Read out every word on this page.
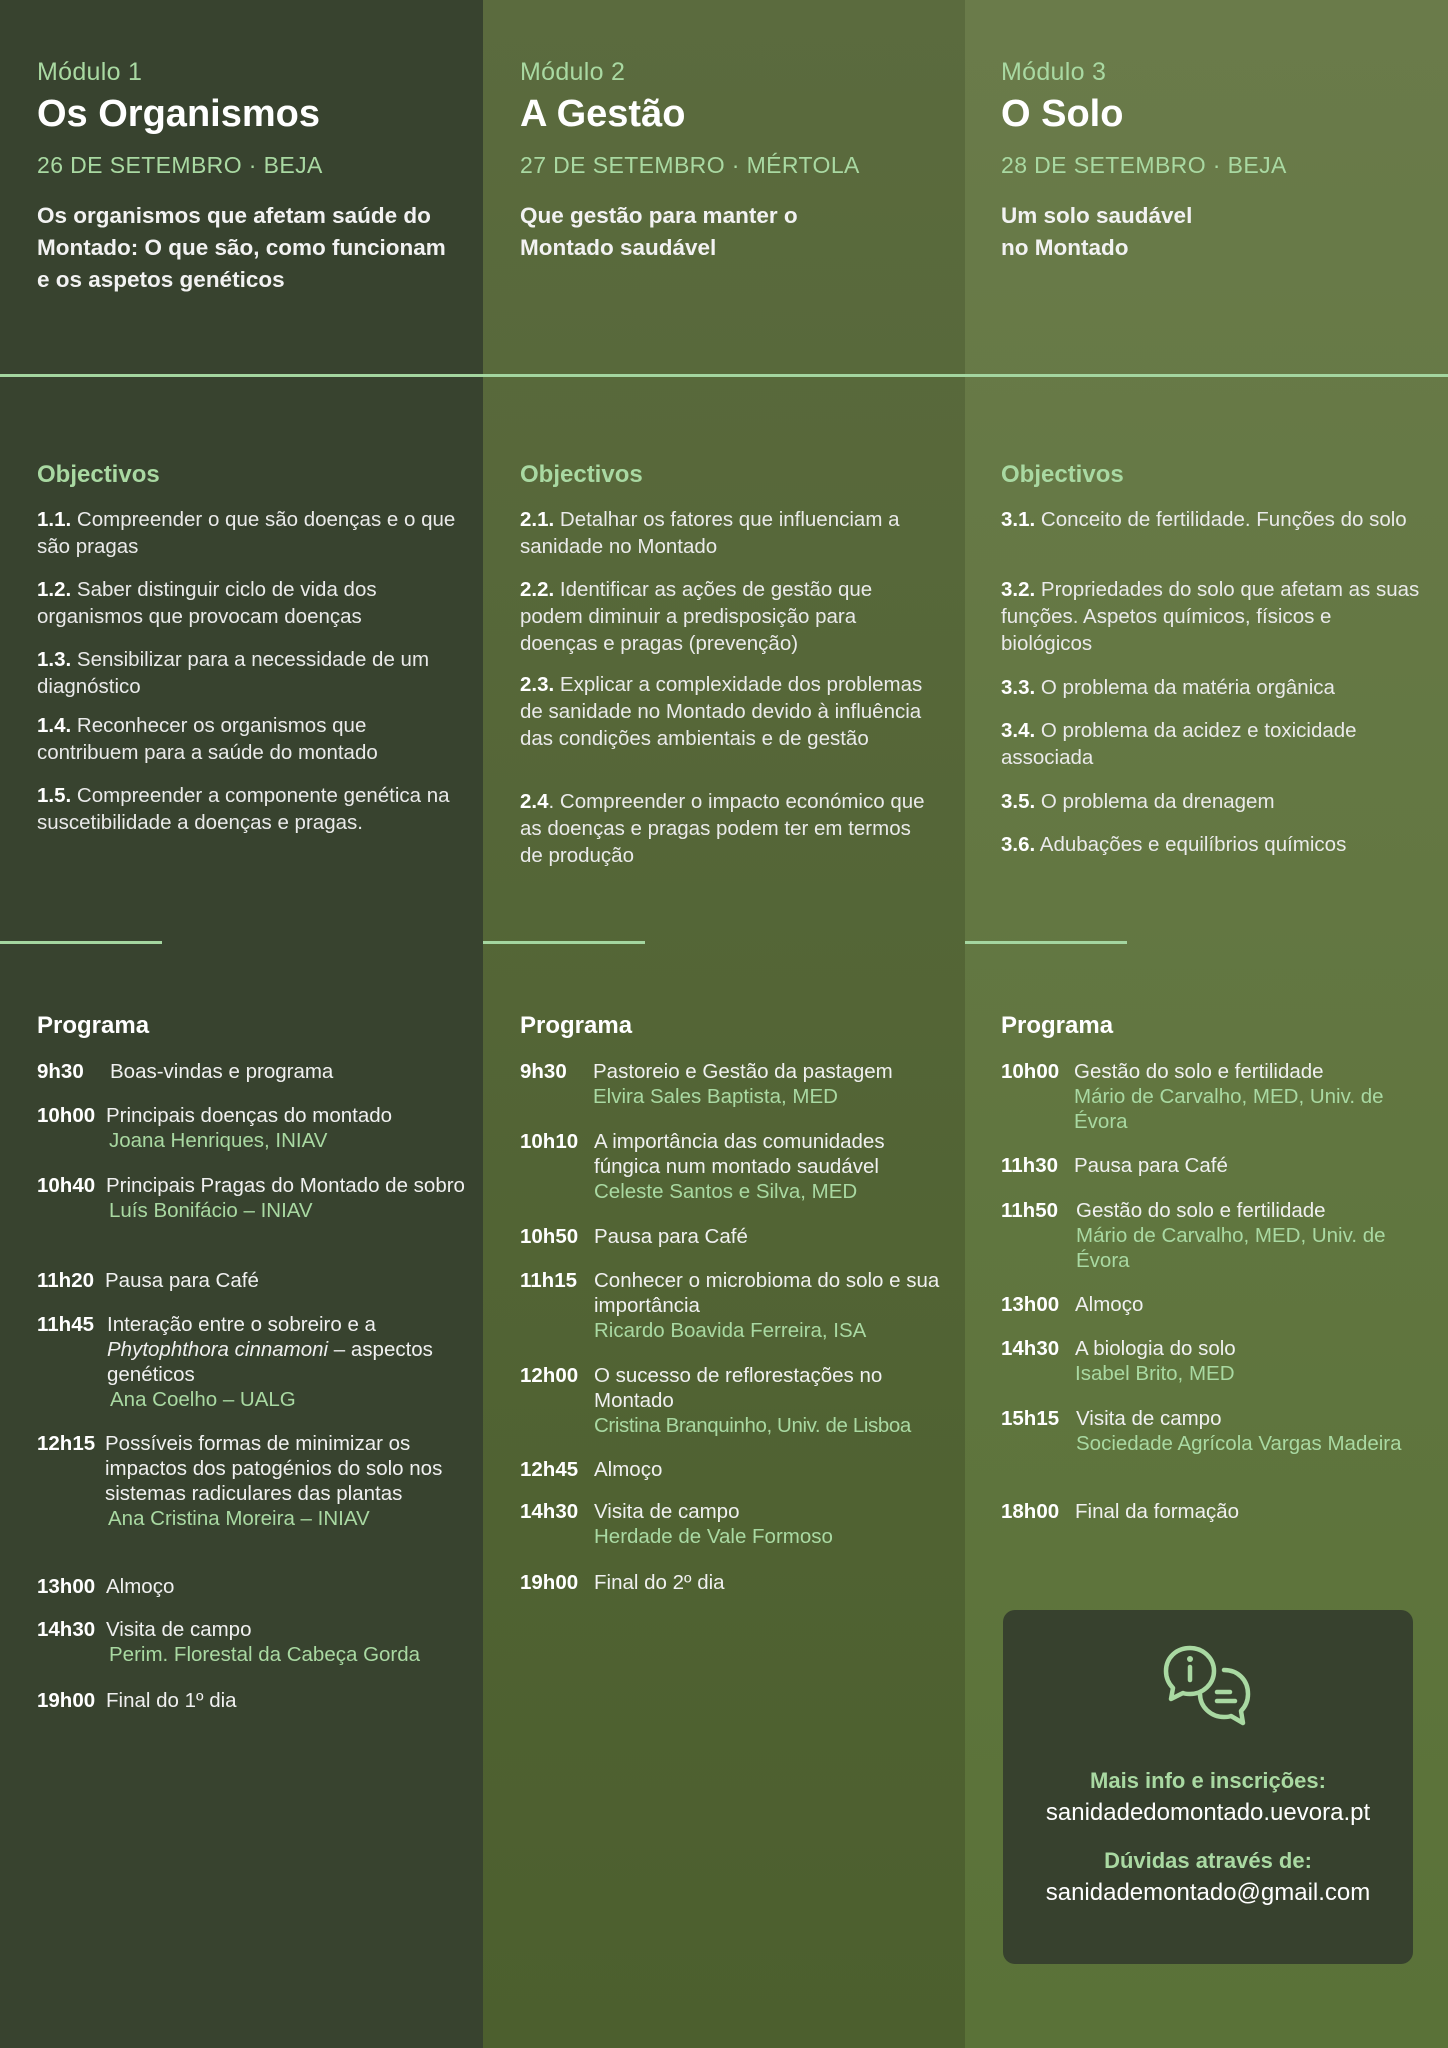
Módulo 1
Os Organismos
26 DE SETEMBRO · BEJA
Os organismos que afetam saúde do Montado: O que são, como funcionam e os aspetos genéticos
Objectivos
1.1. Compreender o que são doenças e o que são pragas
1.2. Saber distinguir ciclo de vida dos organismos que provocam doenças
1.3. Sensibilizar para a necessidade de um diagnóstico
1.4. Reconhecer os organismos que contribuem para a saúde do montado
1.5. Compreender a componente genética na suscetibilidade a doenças e pragas.
Programa
9h30 Boas-vindas e programa
10h00 Principais doenças do montado
Joana Henriques, INIAV
10h40 Principais Pragas do Montado de sobro
Luís Bonifácio – INIAV
11h20 Pausa para Café
11h45 Interação entre o sobreiro e a Phytophthora cinnamoni – aspectos genéticos
Ana Coelho – UALG
12h15 Possíveis formas de minimizar os impactos dos patogénios do solo nos sistemas radiculares das plantas
Ana Cristina Moreira – INIAV
13h00 Almoço
14h30 Visita de campo
Perim. Florestal da Cabeça Gorda
19h00 Final do 1º dia
Módulo 2
A Gestão
27 DE SETEMBRO · MÉRTOLA
Que gestão para manter o Montado saudável
Objectivos
2.1. Detalhar os fatores que influenciam a sanidade no Montado
2.2. Identificar as ações de gestão que podem diminuir a predisposição para doenças e pragas (prevenção)
2.3. Explicar a complexidade dos problemas de sanidade no Montado devido à influência das condições ambientais e de gestão
2.4. Compreender o impacto económico que as doenças e pragas podem ter em termos de produção
Programa
9h30 Pastoreio e Gestão da pastagem
Elvira Sales Baptista, MED
10h10 A importância das comunidades fúngica num montado saudável
Celeste Santos e Silva, MED
10h50 Pausa para Café
11h15 Conhecer o microbioma do solo e sua importância
Ricardo Boavida Ferreira, ISA
12h00 O sucesso de reflorestações no Montado
Cristina Branquinho, Univ. de Lisboa
12h45 Almoço
14h30 Visita de campo
Herdade de Vale Formoso
19h00 Final do 2º dia
Módulo 3
O Solo
28 DE SETEMBRO · BEJA
Um solo saudável
no Montado
Objectivos
3.1. Conceito de fertilidade. Funções do solo
3.2. Propriedades do solo que afetam as suas funções. Aspetos químicos, físicos e biológicos
3.3. O problema da matéria orgânica
3.4. O problema da acidez e toxicidade associada
3.5. O problema da drenagem
3.6. Adubações e equilíbrios químicos
Programa
10h00 Gestão do solo e fertilidade
Mário de Carvalho, MED, Univ. de Évora
11h30 Pausa para Café
11h50 Gestão do solo e fertilidade
Mário de Carvalho, MED, Univ. de Évora
13h00 Almoço
14h30 A biologia do solo
Isabel Brito, MED
15h15 Visita de campo
Sociedade Agrícola Vargas Madeira
18h00 Final da formação
Mais info e inscrições:
sanidadedomontado.uevora.pt
Dúvidas através de:
sanidademontado@gmail.com
